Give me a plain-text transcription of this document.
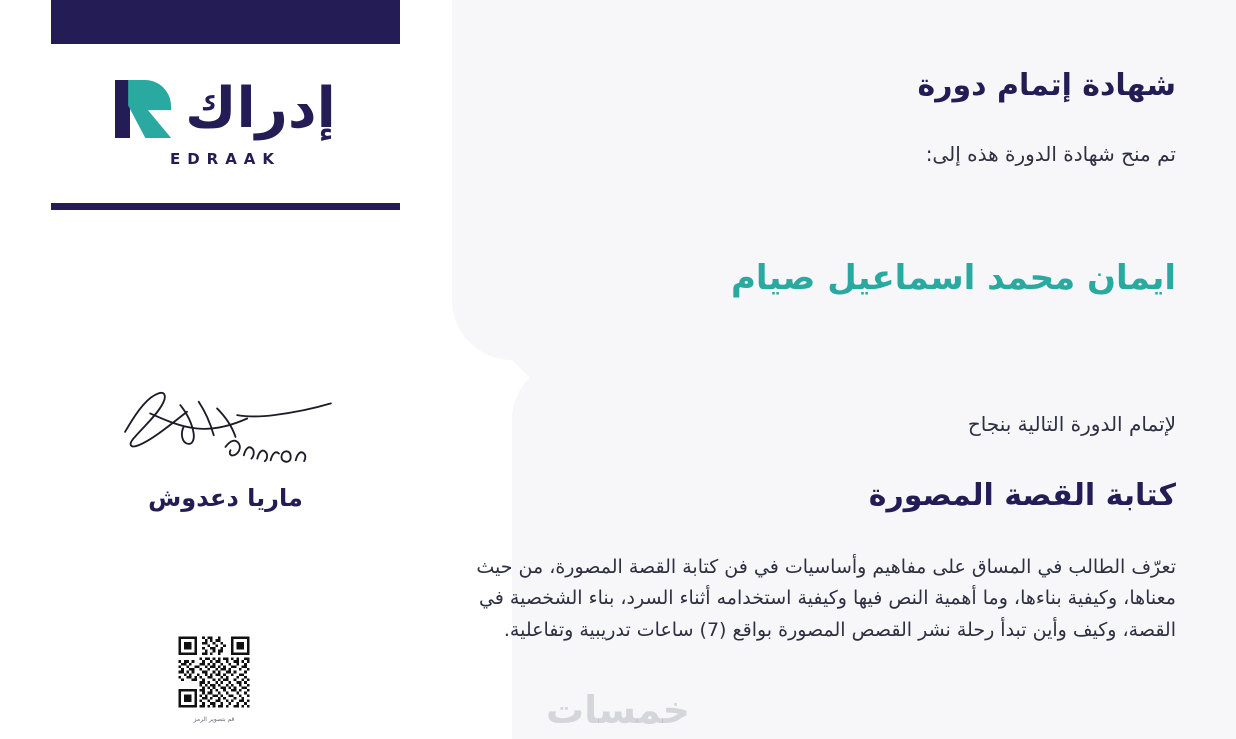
إدراك
EDRAAK
ماريا دعدوش
قم بتصوير الرمز
شهادة إتمام دورة
تم منح شهادة الدورة هذه إلى:
ايمان محمد اسماعيل صيام
لإتمام الدورة التالية بنجاح
كتابة القصة المصورة
تعرّف الطالب في المساق على مفاهيم وأساسيات في فن كتابة القصة المصورة، من حيث معناها، وكيفية بناءها، وما أهمية النص فيها وكيفية استخدامه أثناء السرد، بناء الشخصية في القصة، وكيف وأين تبدأ رحلة نشر القصص المصورة بواقع (7) ساعات تدريبية وتفاعلية.
خمسات
